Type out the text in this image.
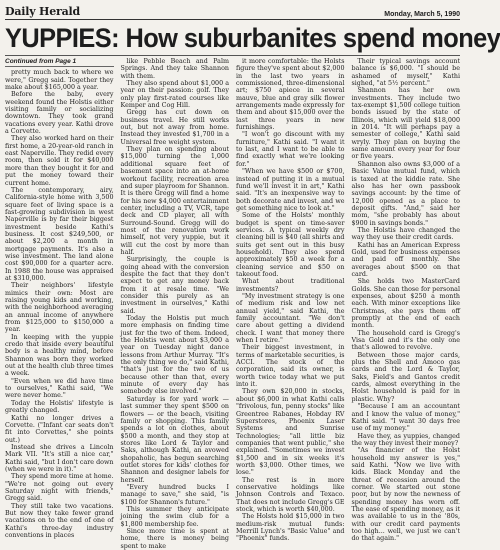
Daily Herald	Monday, March 5, 1990
YUPPIES: How suburbanites spend money
Continued from Page 1

pretty much back to where we were," Gregg said. Together they make about $165,000 a year.

Before the baby, every weekend found the Holstis either visiting family or socializing downtown. They took grand vacations every year. Kathi drove a Corvette.

They also worked hard on their first home, a 20-year-old ranch in east Naperville. They redid every room, then sold it for $40,000 more than they bought it for and put the money toward their current home.

The contemporary, airy, California-style home with 3,500 square feet of living space is a fast-growing subdivision in west Naperville is by far their biggest investment beside Kathi's business. It cost $249,500, or about $2,200 a month in mortgage payments. It's also a wise investment. The land alone cost $90,000 for a quarter acre. In 1988 the house was appraised at $310,000.

Their neighbors' lifestyle mimics their own: Most are raising young kids and working, with the neighborhood averaging an annual income of anywhere from $125,000 to $150,000 a year.

In keeping with the yuppie credo that inside every beautiful body is a healthy mind, before Shannon was born they worked out at the health club three times a week.

"Even when we did have time to ourselves," Kathi said, "We were never home."

Today the Holstis' lifestyle is greatly changed.

Kathi no longer drives a Corvette. ("Infant car seats don't fit into Corvettes," she points out.)

Instead she drives a Lincoln Mark VII. "It's still a nice car," Kathi said, "but I don't care down (when we were in it)."

They spend more time at home. "We're not going out every Saturday night with friends," Gregg said.

They still take two vacations. But now they take fewer grand vacations on to the end of one of Kathi's three-day industry conventions in places

like Pebble Beach and Palm Springs. And they take Shannon with them.

They also spend about $1,000 a year on their passion: golf. They only play first-rated courses like Kemper and Cog Hill.

Gregg has cut down on business travel. He still works out, but not away from home. Instead they invested $1,700 in a Universal free weight system.

They plan on spending about $15,000 turning the 1,000 additional square feet of basement space into an at-home workout facility, recreation area and super playroom for Shannon. It is there Gregg will find a home for his new $4,000 entertainment center, including a TV, VCR, tape deck and CD player, all with Surround-Sound. Gregg will do most of the renovation work himself, not very yuppie, but it will cut the cost by more than half.

Surprisingly, the couple is going ahead with the conversion despite the fact that they don't expect to get any money back from it at resale time. "We consider this purely as an investment in ourselves," Kathi said.

Today the Holstis put much more emphasis on finding time just for the two of them. Indeed, the Holstis went about $3,000 a year on Tuesday night dance lessons from Arthur Murray. "It's the only thing we do," said Kathi, "that's just for the two of us because other than that, every minute of every day has somebody else involved."

Saturday is for yard work — last summer they spent $500 on flowers — or the beach, visiting family or shopping. This family spends a lot on clothes, about $500 a month, and they stop at stores like Lord & Taylor and Saks, although Kathi, an avowed shopaholic, has begun searching outlet stores for kids' clothes for Shannon and designer labels for herself.

"Every hundred bucks I manage to save," she said, "is $100 for Shannon's future."

This summer they anticipate joining the swim club for a $1,800 membership fee.

Since more time is spent at home, there is money being spent to make

it more comfortable: the Holsts figure they've spent about $2,000 in the last two years in commissioned, three-dimensional art; $750 apiece in several mauve, blue and gray silk flower arrangements made expressly for them and about $15,000 over the last three years in new furnishings.

"I won't go discount with my furniture," Kathi said. "I want it to last, and I want to be able to find exactly what we're looking for."

"When we have $500 or $700, instead of putting it in a mutual fund we'll invest it in art," Kathi said. "It's an inexpensive way to both decorate and invest, and we get something nice to look at."

Some of the Holsts' monthly budget is spent on time-saver services. A typical weekly dry cleaning bill is $40 (all shirts and suits get sent out in this busy household). They also spend approximately $50 a week for a cleaning service and $50 on takeout food.

What about traditional investments?

"My investment strategy is one of medium risk and low net annual yield," said Kathi, the family accountant. "We don't care about getting a dividend check. I want that money there when I retire."

Their biggest investment, in terms of marketable securities, is ACCI. The stock of the corporation, said its owner, is worth twice today what we put into it.

They own $20,000 in stocks, about $6,000 in what Kathi calls "frivolous, fun, penny stocks" like Greentree Rabanes, Hobday RV Superstores, Phoenix Laser Systems and Sunrise Technologies; "all little biz companies that went public," she explained. "Sometimes we invest $1,500 and in six weeks it's worth $3,000. Other times, we lose."

The rest is in more conservative holdings like Johnson Controls and Texaco. That does not include Gregg's GE stock, which is worth $40,000.

The Holsts hold $15,000 in two medium-risk mutual funds: Merrill Lynch's "Basic Value" and "Phoenix" funds.

Their typical savings account balance is $6,000. "I should be ashamed of myself," Kathi sighed, "at 5½ percent."

Shannon has her own investments. They include two tax-exempt $1,500 college tuition bonds issued by the state of Illinois, which will yield $18,000 in 2014. "It will perhaps pay a semester of college," Kathi said wryly. They plan on buying the same amount every year for four or five years.

Shannon also owns $3,000 of a Basic Value mutual fund, which is taxed at the kiddie rate. She also has her own passbook savings account: by the time of 12,000 opened as a place to deposit gifts. "And," said her mom, "she probably has about $900 in savings bonds."

The Holstis have changed the way they use their credit cards.

Kathi has an American Express Gold, used for business expenses and paid off monthly. She averages about $500 on that card.

She holds two MasterCard Golds. She can those for personal expenses, about $250 a month each. With minor exceptions like Christmas, she pays them off promptly at the end of each month.

The household card is Gregg's Visa Gold and it's the only one that's allowed to revolve.

Between those major cards, plus the Shell and Amoco gas cards and the Lord & Taylor, Saks, Field's and Gantos credit cards, almost everything in the Holst household is paid for in plastic. Why?

"Because I am an accountant and I know the value of money," Kathi said. "I want 30 days free use of my money."

Have they, as yuppies, changed the way they invest their money?

"As financier of the Holst household my answer is yes," said Kathi. "Now we live with kids. Black Monday and the threat of recession around the corner. We started out stone poor, but by now the newness of spending money has worn off. The ease of spending money, as it was available to us in the '80s, with our credit card payments too high... well, we just we can't do that again."
